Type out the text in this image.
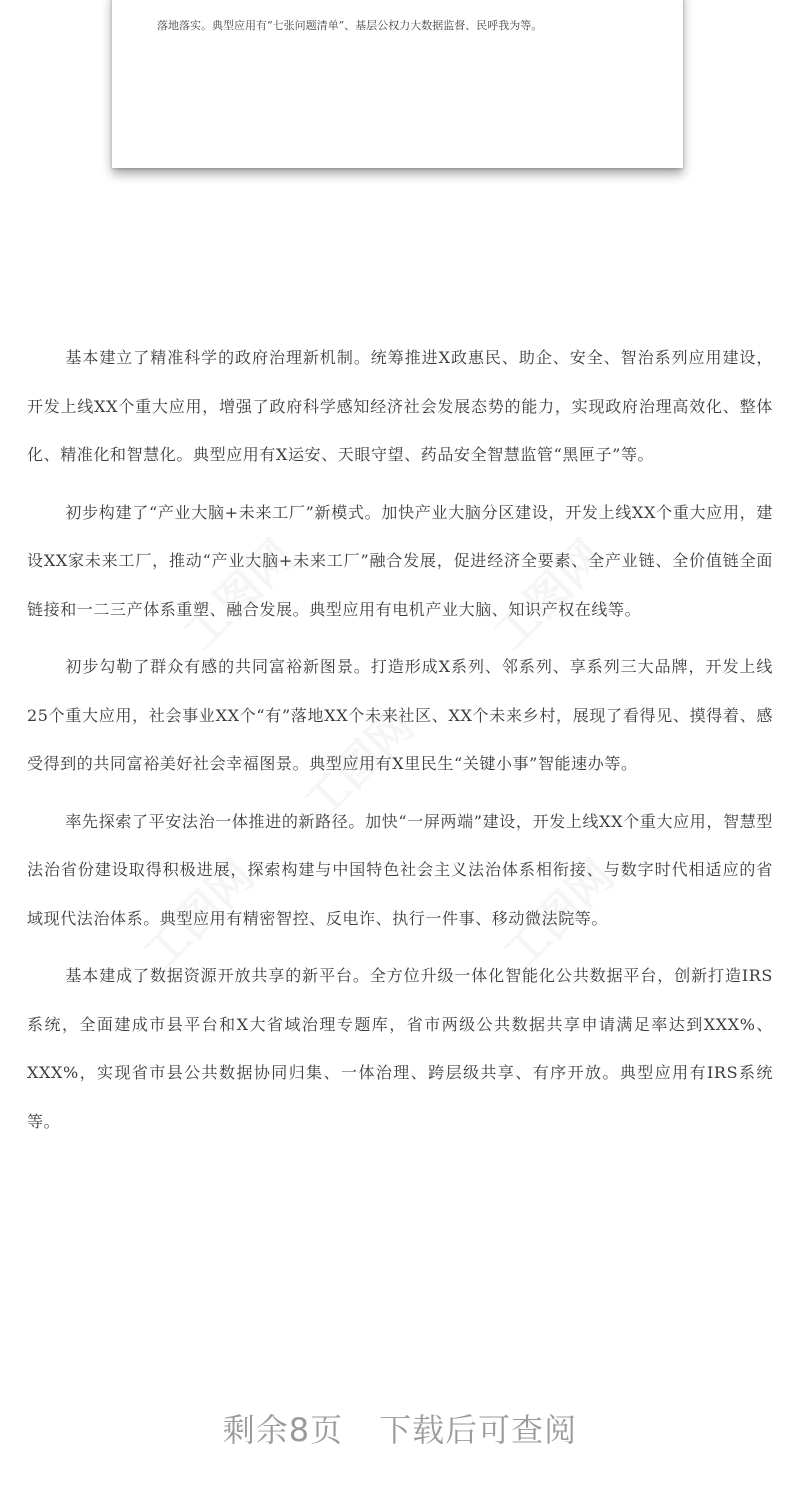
落地落实。典型应用有“七张问题清单”、基层公权力大数据监督、民呼我为等。
工图网	工图网
工图网
工图网	工图网

基本建立了精准科学的政府治理新机制。统筹推进X政惠民、助企、安全、智治系列应用建设，开发上线XX个重大应用，增强了政府科学感知经济社会发展态势的能力，实现政府治理高效化、整体化、精准化和智慧化。典型应用有X运安、天眼守望、药品安全智慧监管“黑匣子”等。

初步构建了“产业大脑+未来工厂”新模式。加快产业大脑分区建设，开发上线XX个重大应用，建设XX家未来工厂，推动“产业大脑+未来工厂”融合发展，促进经济全要素、全产业链、全价值链全面链接和一二三产体系重塑、融合发展。典型应用有电机产业大脑、知识产权在线等。

初步勾勒了群众有感的共同富裕新图景。打造形成X系列、邻系列、享系列三大品牌，开发上线25个重大应用，社会事业XX个“有”落地XX个未来社区、XX个未来乡村，展现了看得见、摸得着、感受得到的共同富裕美好社会幸福图景。典型应用有X里民生“关键小事”智能速办等。

率先探索了平安法治一体推进的新路径。加快“一屏两端”建设，开发上线XX个重大应用，智慧型法治省份建设取得积极进展，探索构建与中国特色社会主义法治体系相衔接、与数字时代相适应的省域现代法治体系。典型应用有精密智控、反电诈、执行一件事、移动微法院等。

基本建成了数据资源开放共享的新平台。全方位升级一体化智能化公共数据平台，创新打造IRS系统，全面建成市县平台和X大省域治理专题库，省市两级公共数据共享申请满足率达到XXX%、XXX%，实现省市县公共数据协同归集、一体治理、跨层级共享、有序开放。典型应用有IRS系统等。

剩余8页 下载后可查阅
